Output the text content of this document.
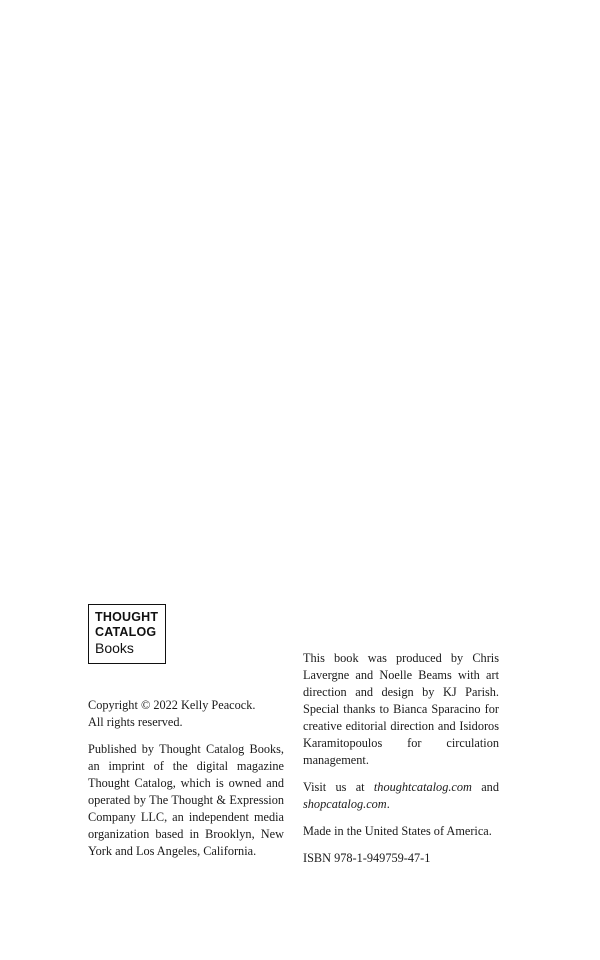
THOUGHT
CATALOG
Books

Copyright © 2022 Kelly Peacock.
All rights reserved.

Published by Thought Catalog Books, an imprint of the digital magazine Thought Catalog, which is owned and operated by The Thought & Expression Company LLC, an independent media organization based in Brooklyn, New York and Los Angeles, California.

This book was produced by Chris Lavergne and Noelle Beams with art direction and design by KJ Parish. Special thanks to Bianca Sparacino for creative editorial direction and Isidoros Karamitopoulos for circulation management.

Visit us at thoughtcatalog.com and shopcatalog.com.

Made in the United States of America.

ISBN 978-1-949759-47-1
